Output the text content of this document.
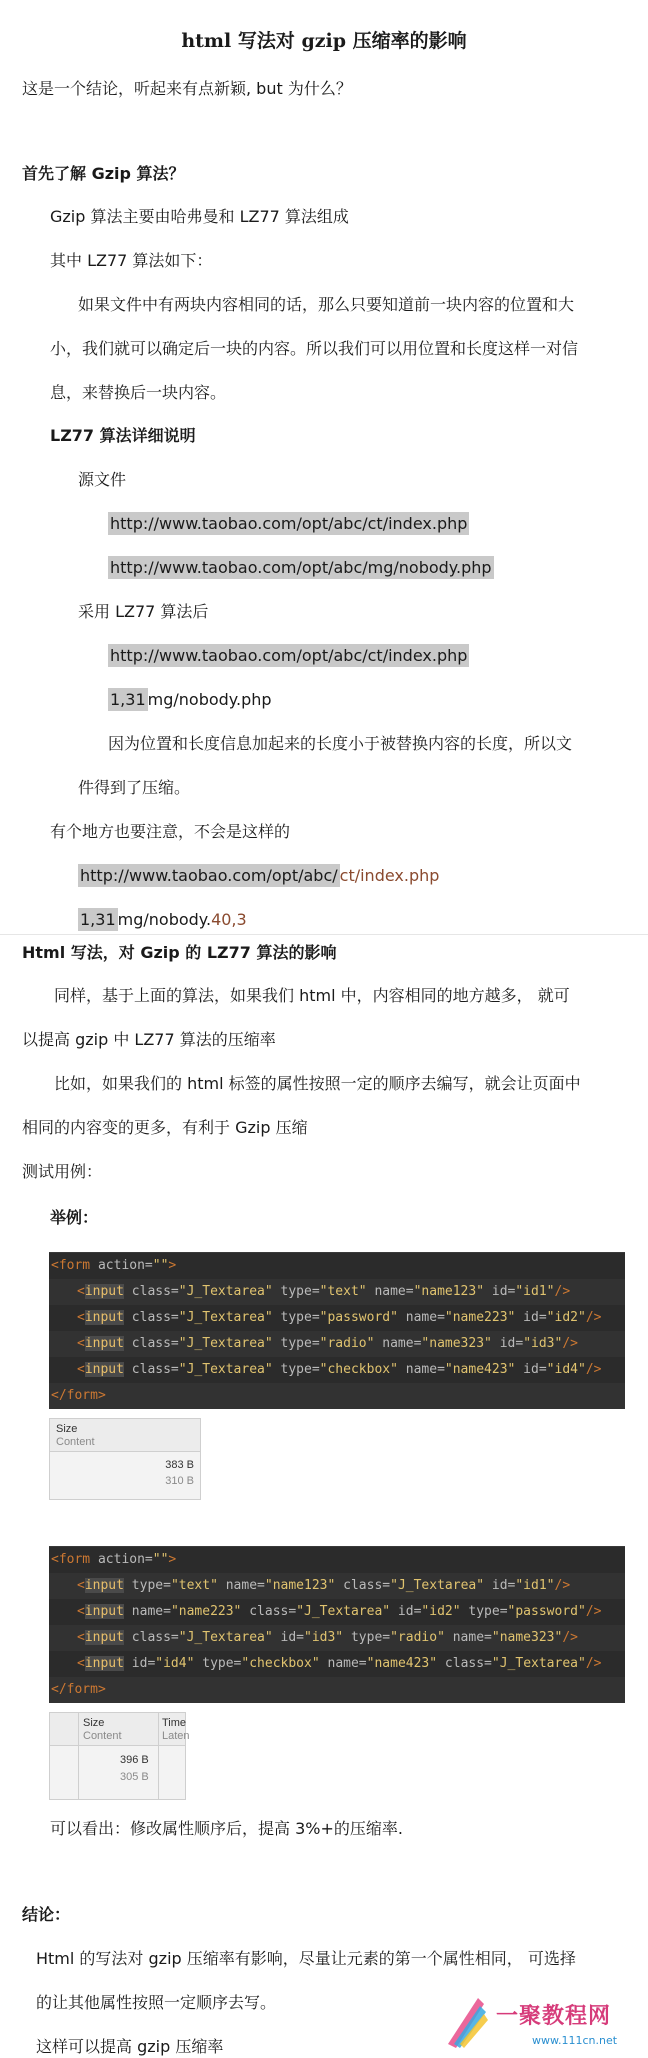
html 写法对 gzip 压缩率的影响
这是一个结论，听起来有点新颖, but 为什么？
首先了解 Gzip 算法？
Gzip 算法主要由哈弗曼和 LZ77 算法组成
其中 LZ77 算法如下：
如果文件中有两块内容相同的话，那么只要知道前一块内容的位置和大
小，我们就可以确定后一块的内容。所以我们可以用位置和长度这样一对信
息，来替换后一块内容。
LZ77 算法详细说明
源文件
http://www.taobao.com/opt/abc/ct/index.php
http://www.taobao.com/opt/abc/mg/nobody.php
采用 LZ77 算法后
http://www.taobao.com/opt/abc/ct/index.php
1,31 mg/nobody.php
因为位置和长度信息加起来的长度小于被替换内容的长度，所以文
件得到了压缩。
有个地方也要注意，不会是这样的
http://www.taobao.com/opt/abc/ ct/index.php
1,31 mg/nobody.40,3
Html 写法，对 Gzip 的 LZ77 算法的影响
同样，基于上面的算法，如果我们 html 中，内容相同的地方越多， 就可
以提高 gzip 中 LZ77 算法的压缩率
比如，如果我们的 html 标签的属性按照一定的顺序去编写，就会让页面中
相同的内容变的更多，有利于 Gzip 压缩
测试用例：
举例：
<form action="">
<input class="J_Textarea" type="text" name="name123" id="id1"/>
<input class="J_Textarea" type="password" name="name223" id="id2"/>
<input class="J_Textarea" type="radio" name="name323" id="id3"/>
<input class="J_Textarea" type="checkbox" name="name423" id="id4"/>
</form>
Size
Content
383 B
310 B
<form action="">
<input type="text" name="name123" class="J_Textarea" id="id1"/>
<input name="name223" class="J_Textarea" id="id2" type="password"/>
<input class="J_Textarea" id="id3" type="radio" name="name323"/>
<input id="id4" type="checkbox" name="name423" class="J_Textarea"/>
</form>
Size
Content
Time
Laten
396 B
305 B
可以看出：修改属性顺序后，提高 3%+的压缩率.
结论：
Html 的写法对 gzip 压缩率有影响，尽量让元素的第一个属性相同， 可选择
的让其他属性按照一定顺序去写。
这样可以提高 gzip 压缩率
一聚教程网
www.111cn.net
